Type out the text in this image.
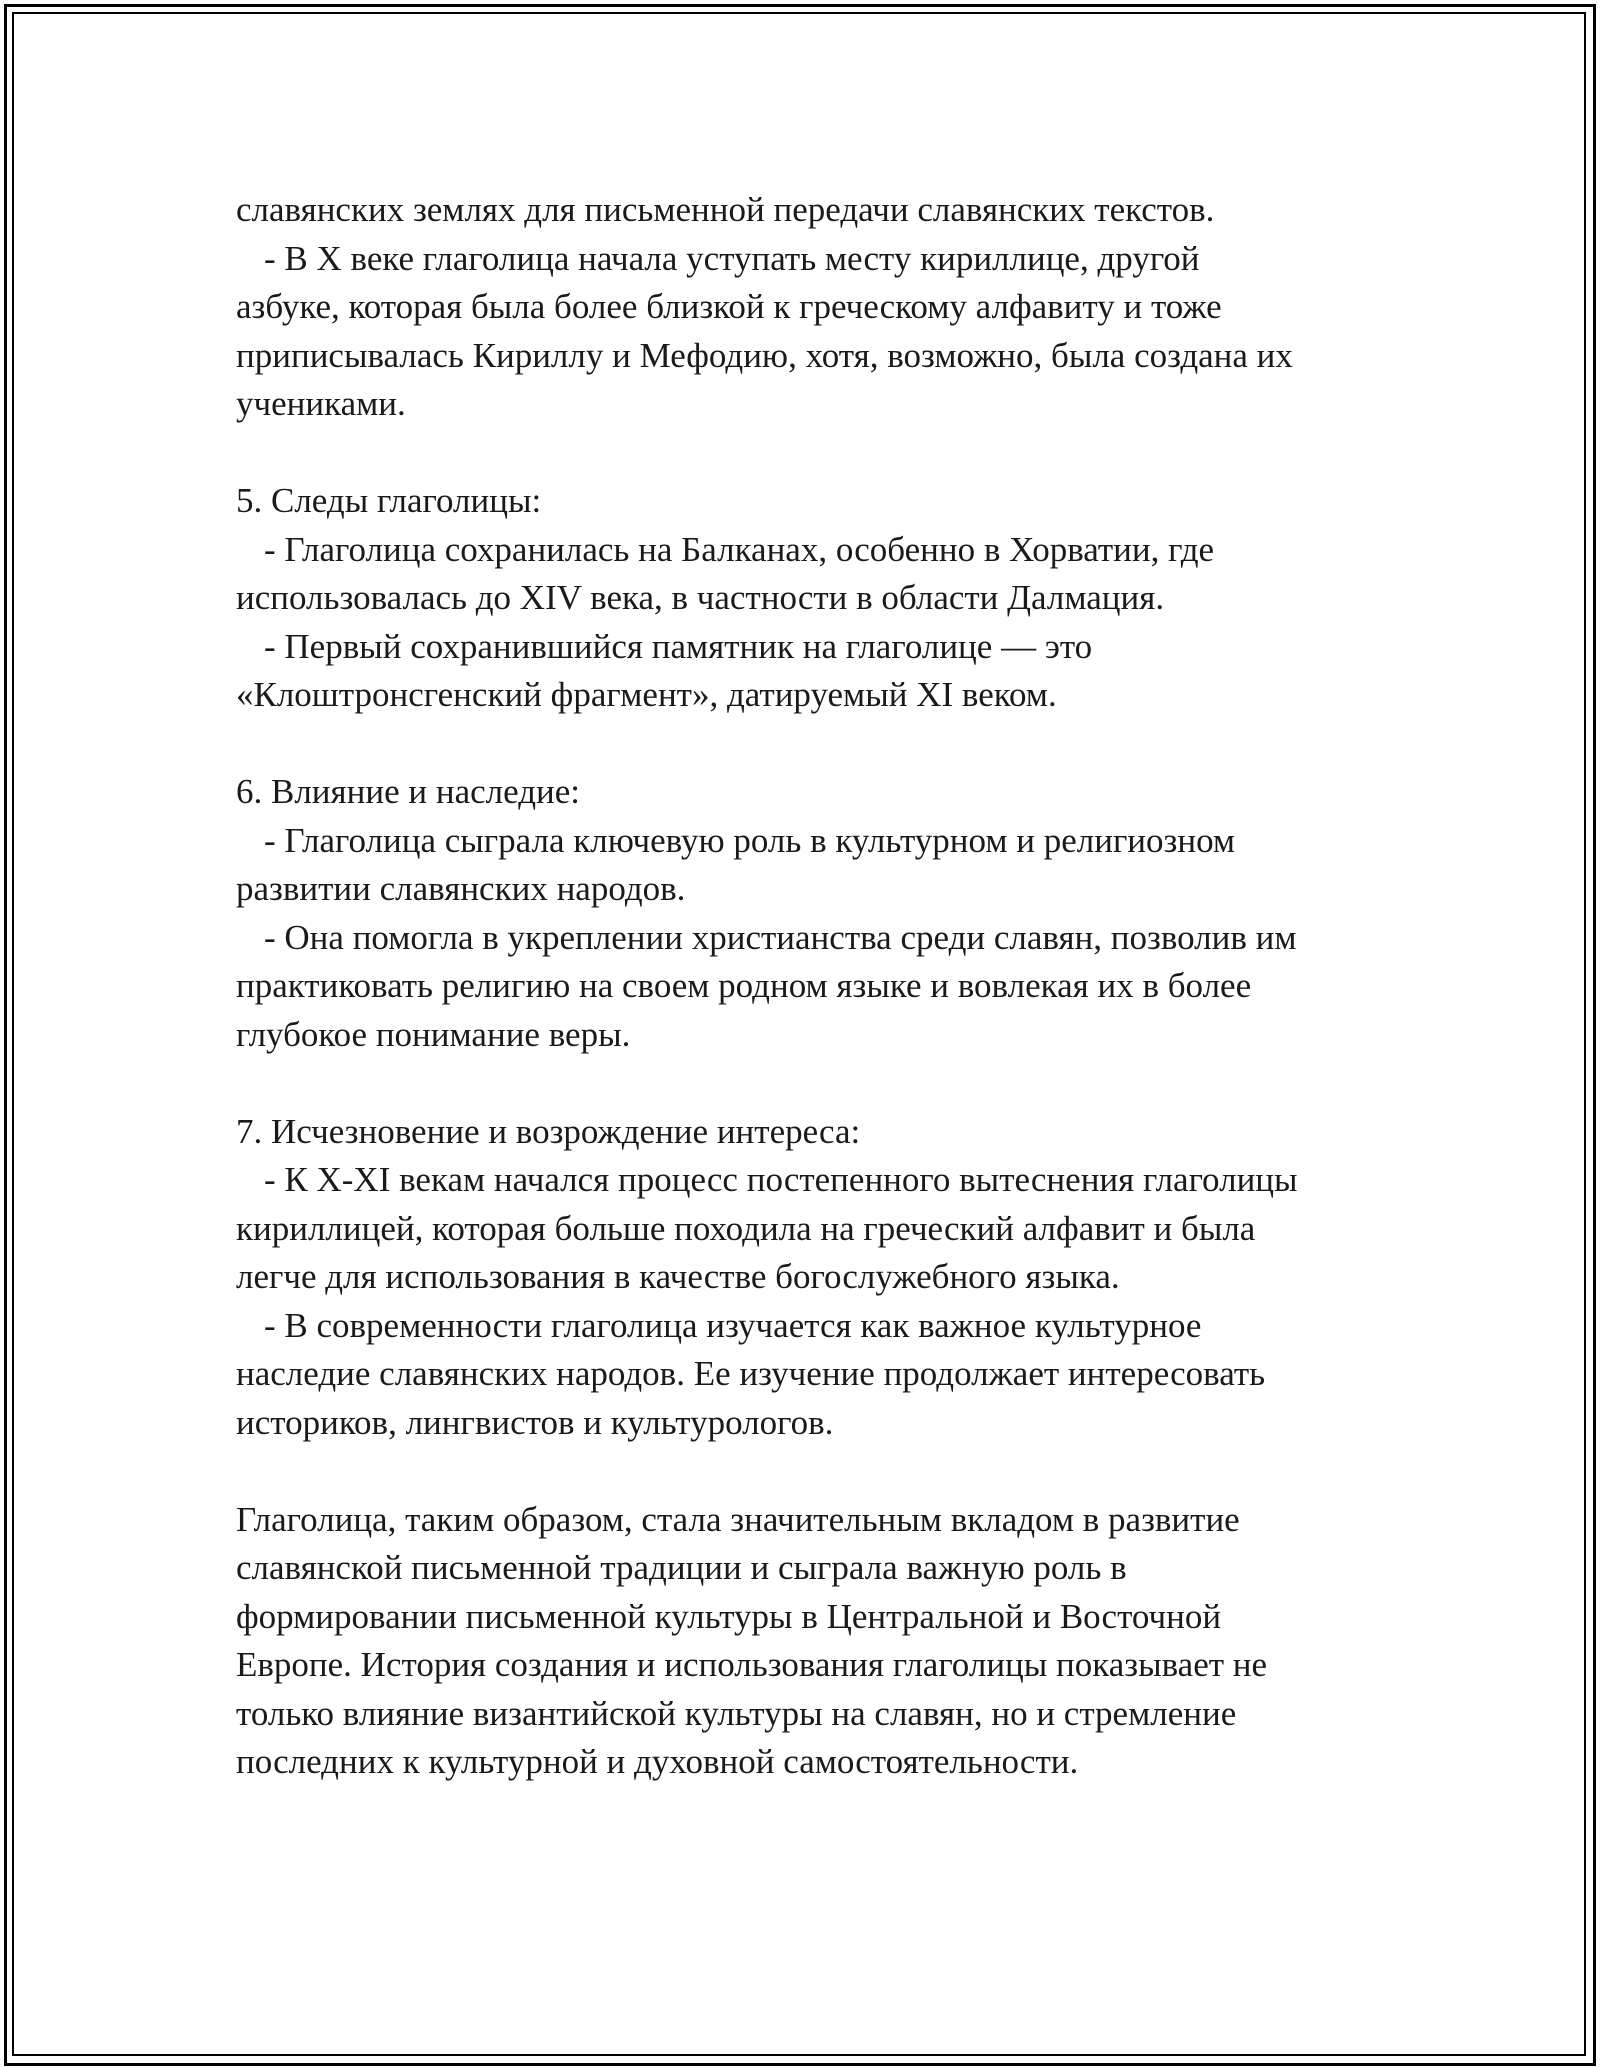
славянских землях для письменной передачи славянских текстов.
- В X веке глаголица начала уступать месту кириллице, другой
азбуке, которая была более близкой к греческому алфавиту и тоже
приписывалась Кириллу и Мефодию, хотя, возможно, была создана их
учениками.
5. Следы глаголицы:
- Глаголица сохранилась на Балканах, особенно в Хорватии, где
использовалась до XIV века, в частности в области Далмация.
- Первый сохранившийся памятник на глаголице — это
«Клоштронсгенский фрагмент», датируемый XI веком.
6. Влияние и наследие:
- Глаголица сыграла ключевую роль в культурном и религиозном
развитии славянских народов.
- Она помогла в укреплении христианства среди славян, позволив им
практиковать религию на своем родном языке и вовлекая их в более
глубокое понимание веры.
7. Исчезновение и возрождение интереса:
- К X-XI векам начался процесс постепенного вытеснения глаголицы
кириллицей, которая больше походила на греческий алфавит и была
легче для использования в качестве богослужебного языка.
- В современности глаголица изучается как важное культурное
наследие славянских народов. Ее изучение продолжает интересовать
историков, лингвистов и культурологов.
Глаголица, таким образом, стала значительным вкладом в развитие
славянской письменной традиции и сыграла важную роль в
формировании письменной культуры в Центральной и Восточной
Европе. История создания и использования глаголицы показывает не
только влияние византийской культуры на славян, но и стремление
последних к культурной и духовной самостоятельности.
